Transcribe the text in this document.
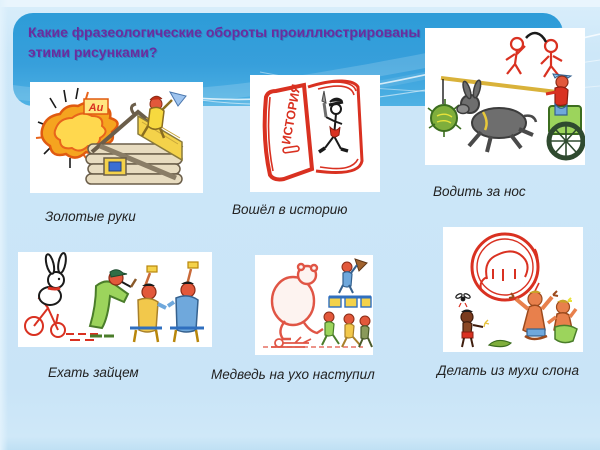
Какие фразеологические обороты проиллюстрированы
этими рисунками?
Au
Золотые руки
ИСТОРИЯ
Вошёл в историю
Водить за нос
Ехать зайцем	Медведь на ухо наступил	Делать из мухи слона
